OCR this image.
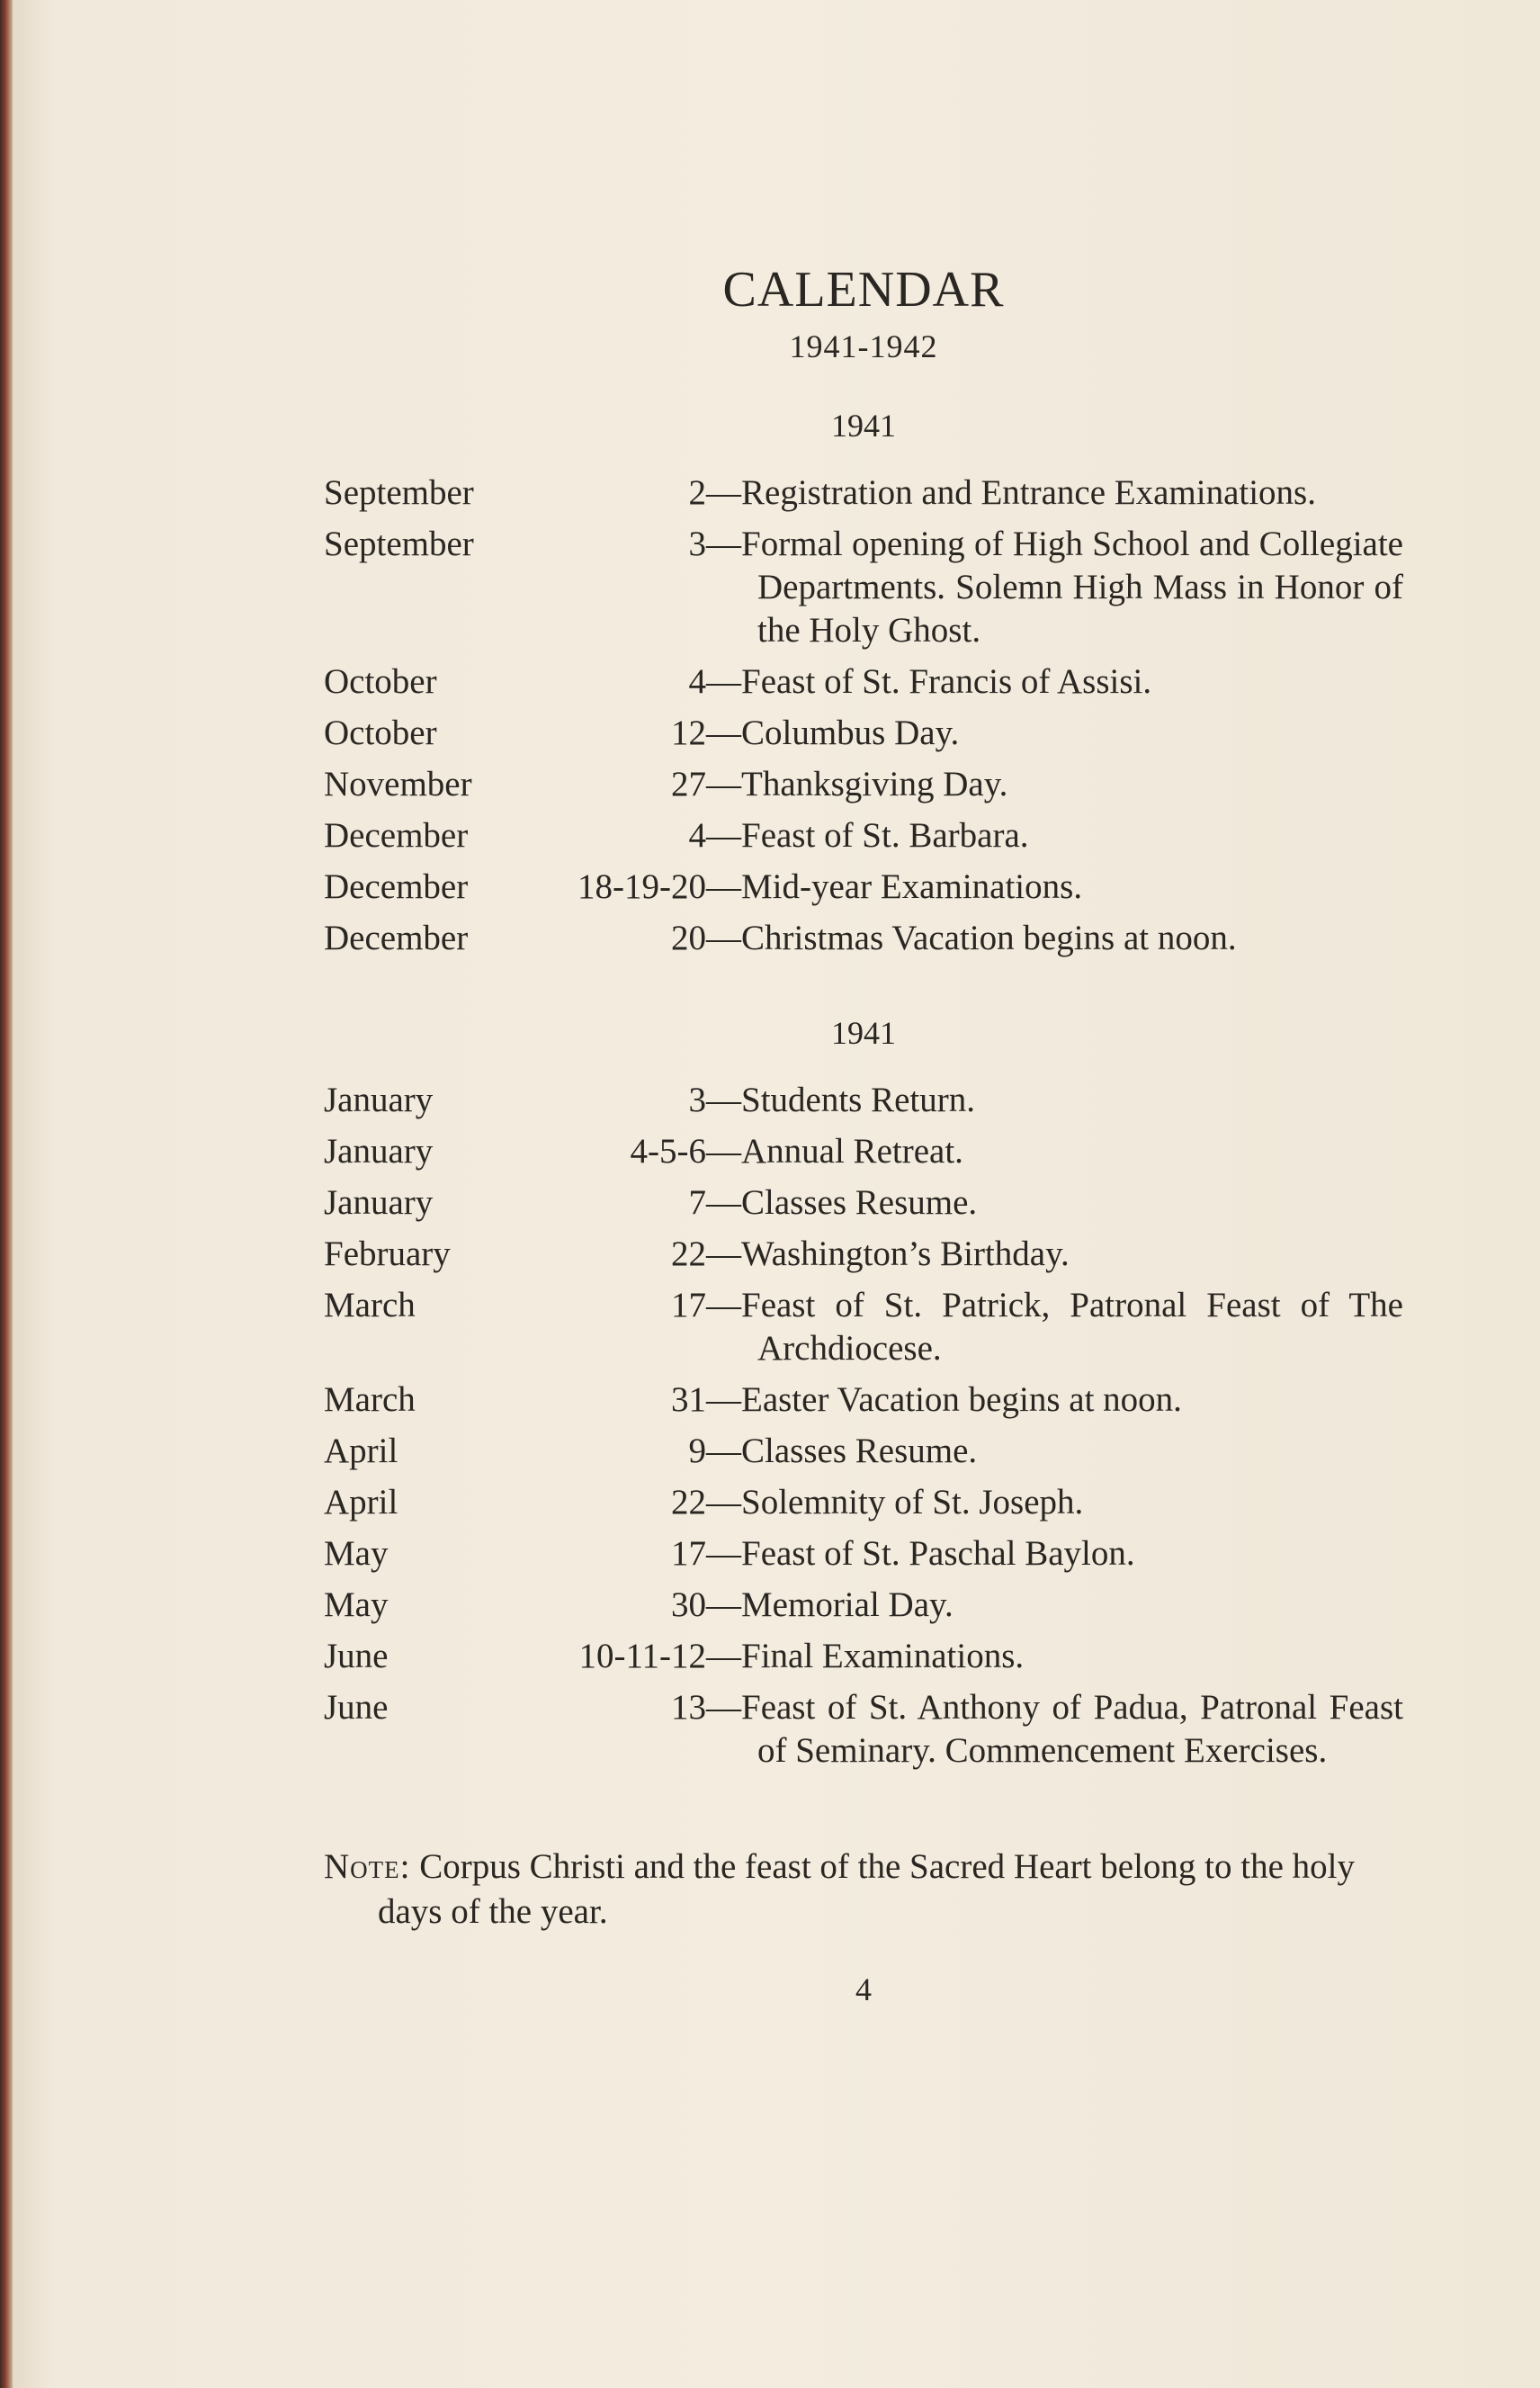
CALENDAR
1941-1942
1941
September	2 —Registration and Entrance Examinations.
September	3 —Formal opening of High School and Collegiate Departments. Solemn High Mass in Honor of the Holy Ghost.
October	4 —Feast of St. Francis of Assisi.
October	12 —Columbus Day.
November	27 —Thanksgiving Day.
December	4 —Feast of St. Barbara.
December	18-19-20 —Mid-year Examinations.
December	20 —Christmas Vacation begins at noon.
1941
January	3 —Students Return.
January	4-5-6 —Annual Retreat.
January	7 —Classes Resume.
February	22 —Washington’s Birthday.
March	17 —Feast of St. Patrick, Patronal Feast of The Archdiocese.
March	31 —Easter Vacation begins at noon.
April	9 —Classes Resume.
April	22 —Solemnity of St. Joseph.
May	17 —Feast of St. Paschal Baylon.
May	30 —Memorial Day.
June	10-11-12 —Final Examinations.
June	13 —Feast of St. Anthony of Padua, Patronal Feast of Seminary. Commencement Exercises.
Note: Corpus Christi and the feast of the Sacred Heart belong to the holy days of the year.
4
